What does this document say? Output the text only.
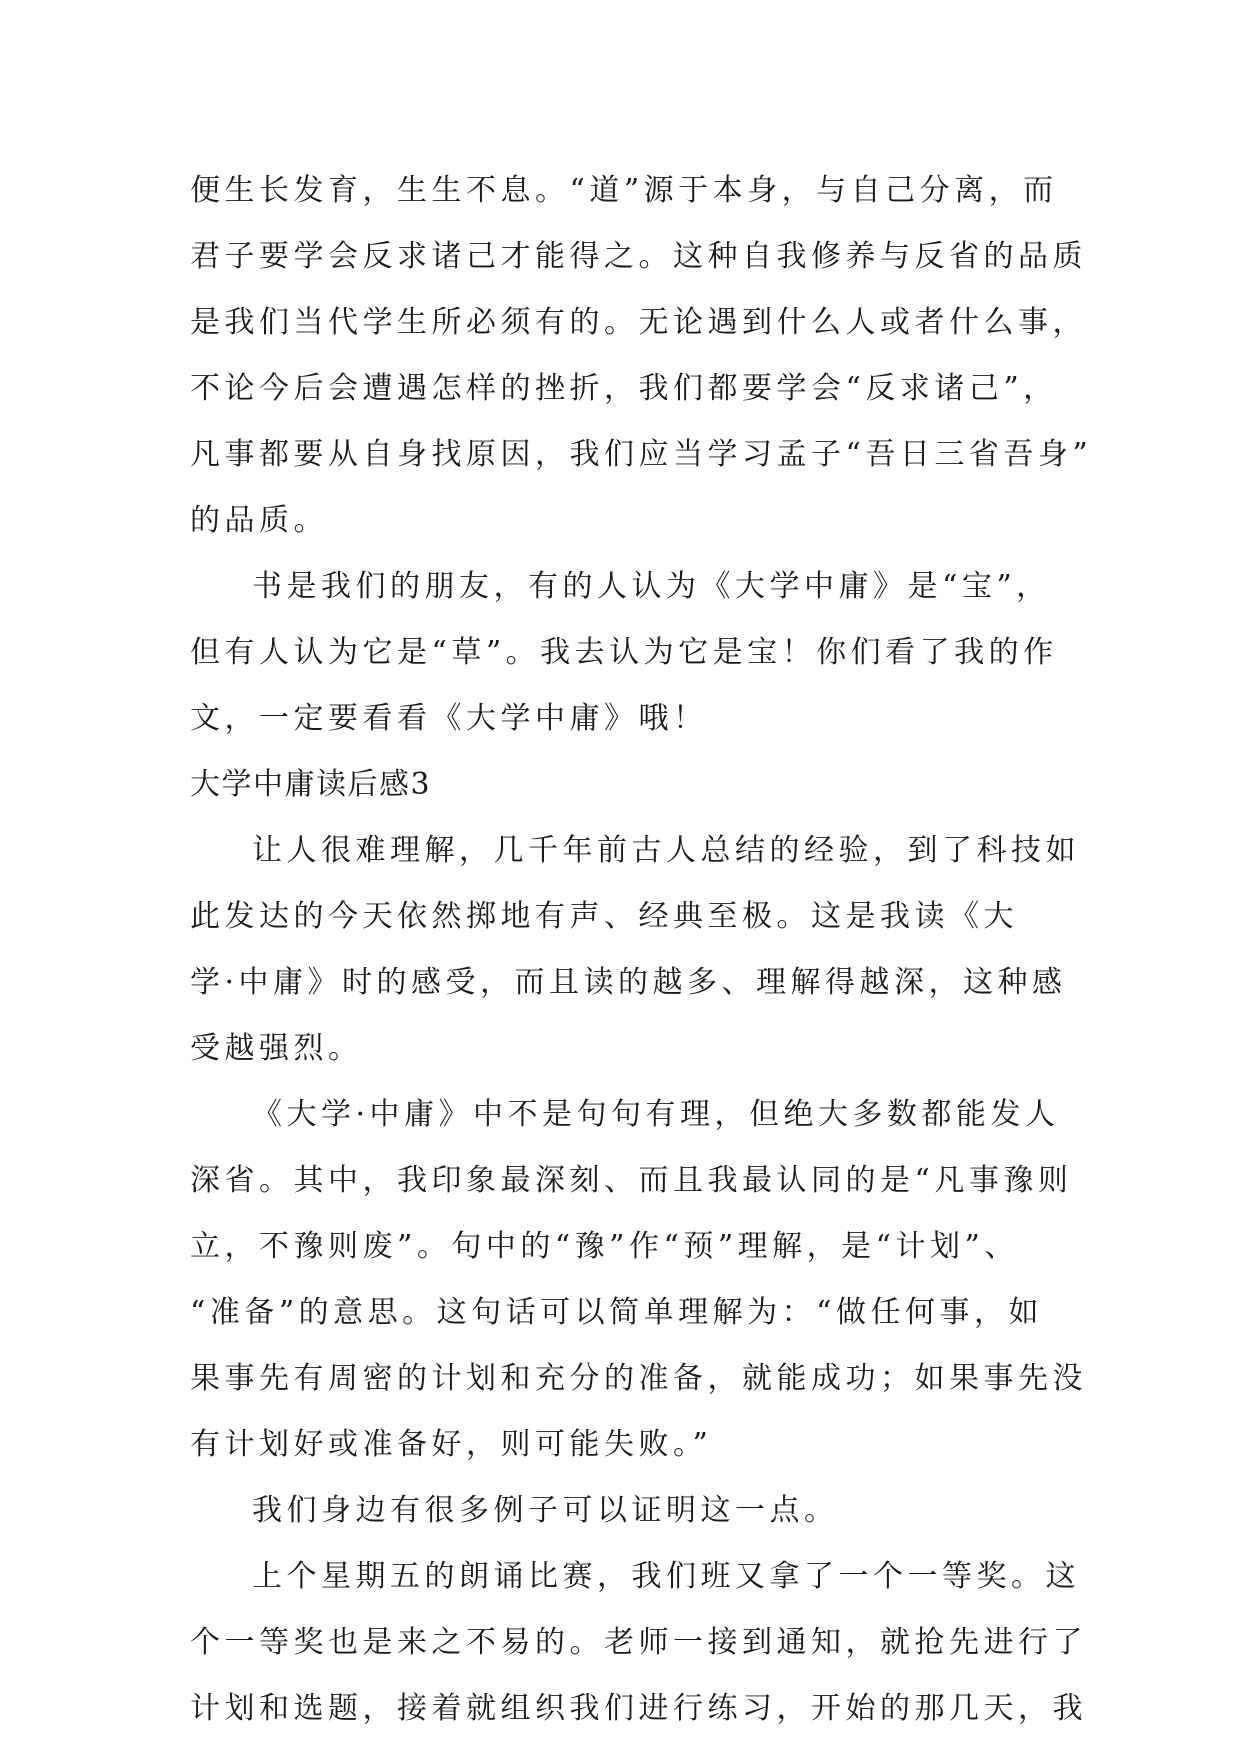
便生长发育，生生不息。“道”源于本身，与自己分离，而
君子要学会反求诸己才能得之。这种自我修养与反省的品质
是我们当代学生所必须有的。无论遇到什么人或者什么事，
不论今后会遭遇怎样的挫折，我们都要学会“反求诸己”，
凡事都要从自身找原因，我们应当学习孟子“吾日三省吾身”
的品质。
书是我们的朋友，有的人认为《大学中庸》是“宝”，
但有人认为它是“草”。我去认为它是宝！你们看了我的作
文，一定要看看《大学中庸》哦！
大学中庸读后感3
让人很难理解，几千年前古人总结的经验，到了科技如
此发达的今天依然掷地有声、经典至极。这是我读《大
学·中庸》时的感受，而且读的越多、理解得越深，这种感
受越强烈。
《大学·中庸》中不是句句有理，但绝大多数都能发人
深省。其中，我印象最深刻、而且我最认同的是“凡事豫则
立，不豫则废”。句中的“豫”作“预”理解，是“计划”、
“准备”的意思。这句话可以简单理解为：“做任何事，如
果事先有周密的计划和充分的准备，就能成功；如果事先没
有计划好或准备好，则可能失败。”
我们身边有很多例子可以证明这一点。
上个星期五的朗诵比赛，我们班又拿了一个一等奖。这
个一等奖也是来之不易的。老师一接到通知，就抢先进行了
计划和选题，接着就组织我们进行练习，开始的那几天，我
